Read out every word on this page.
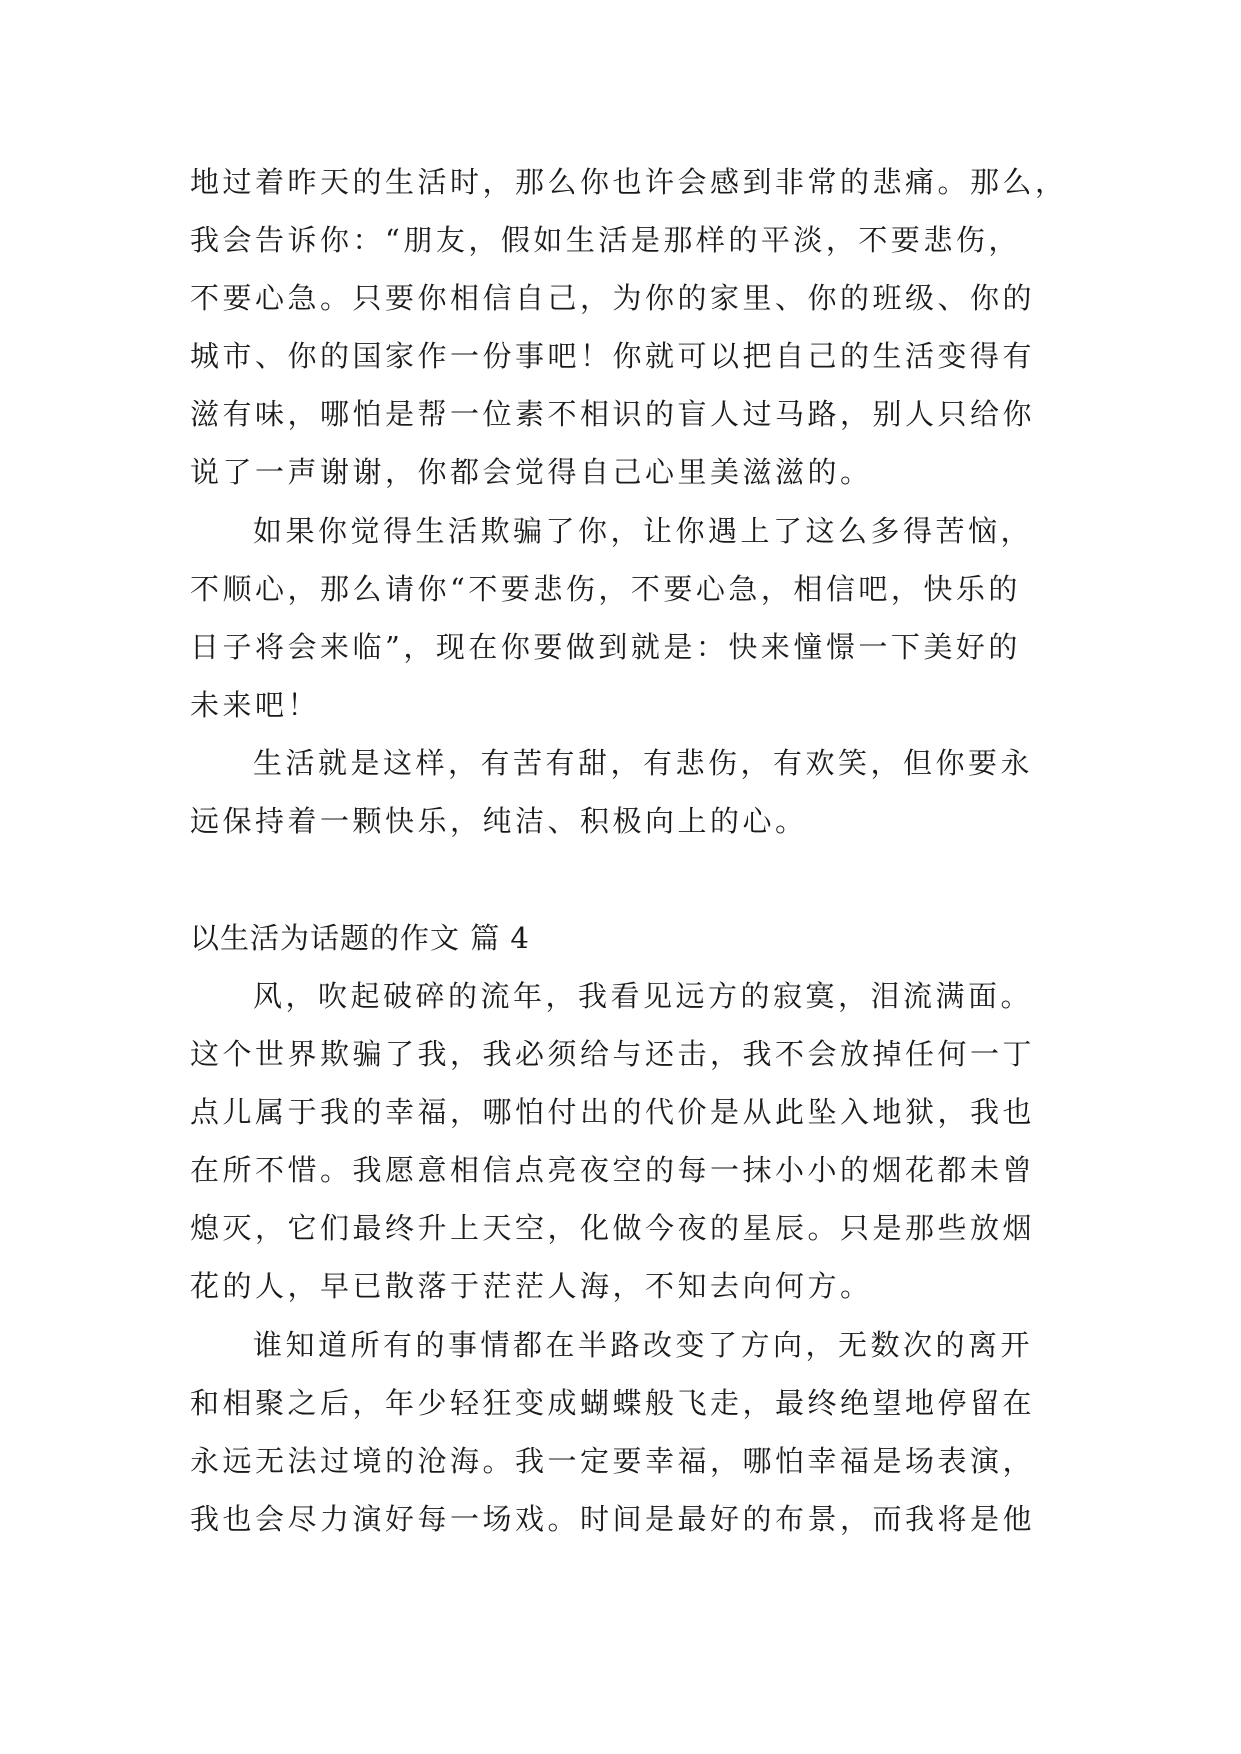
地过着昨天的生活时，那么你也许会感到非常的悲痛。那么，
我会告诉你：“朋友，假如生活是那样的平淡，不要悲伤，
不要心急。只要你相信自己，为你的家里、你的班级、你的
城市、你的国家作一份事吧！你就可以把自己的生活变得有
滋有味，哪怕是帮一位素不相识的盲人过马路，别人只给你
说了一声谢谢，你都会觉得自己心里美滋滋的。
如果你觉得生活欺骗了你，让你遇上了这么多得苦恼，
不顺心，那么请你“不要悲伤，不要心急，相信吧，快乐的
日子将会来临”，现在你要做到就是：快来憧憬一下美好的
未来吧！
生活就是这样，有苦有甜，有悲伤，有欢笑，但你要永
远保持着一颗快乐，纯洁、积极向上的心。
以生活为话题的作文 篇 4
风，吹起破碎的流年，我看见远方的寂寞，泪流满面。
这个世界欺骗了我，我必须给与还击，我不会放掉任何一丁
点儿属于我的幸福，哪怕付出的代价是从此坠入地狱，我也
在所不惜。我愿意相信点亮夜空的每一抹小小的烟花都未曾
熄灭，它们最终升上天空，化做今夜的星辰。只是那些放烟
花的人，早已散落于茫茫人海，不知去向何方。
谁知道所有的事情都在半路改变了方向，无数次的离开
和相聚之后，年少轻狂变成蝴蝶般飞走，最终绝望地停留在
永远无法过境的沧海。我一定要幸福，哪怕幸福是场表演，
我也会尽力演好每一场戏。时间是最好的布景，而我将是他
